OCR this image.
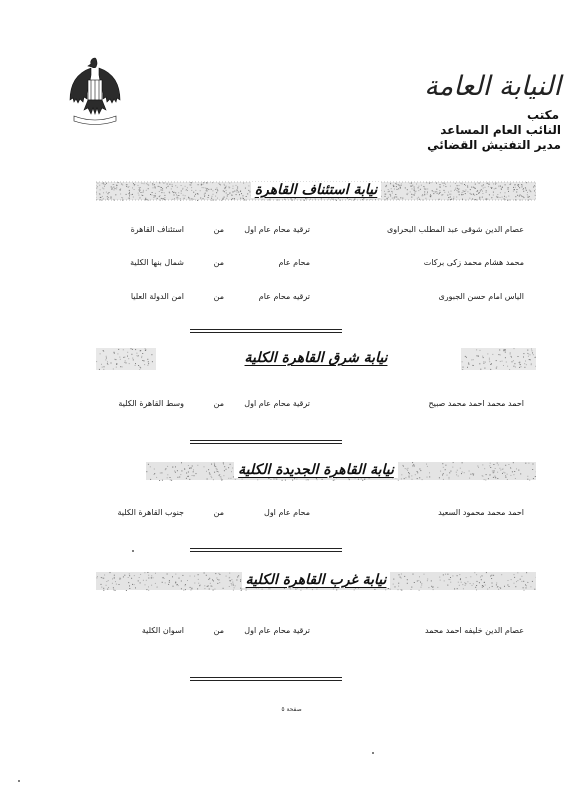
النيابة العامة
مكتب
النائب العام المساعد
مدير التفتيش القضائي
نيابة استئناف القاهرة
عصام الدين شوقى عبد المطلب البحراوى
ترقية محام عام اول
من
استئناف القاهرة
محمد هشام محمد زكى بركات
محام عام
من
شمال بنها الكلية
الياس امام حسن الجبورى
ترقيه محام عام
من
امن الدولة العليا
نيابة شرق القاهرة الكلية
احمد محمد احمد محمد صبيح
ترقية محام عام اول
من
وسط القاهرة الكلية
نيابة القاهرة الجديدة الكلية
احمد محمد محمود السعيد
محام عام اول
من
جنوب القاهرة الكلية
نيابة غرب القاهرة الكلية
عصام الدين خليفه احمد محمد
ترقية محام عام اول
من
اسوان الكلية
صفحة ٥
